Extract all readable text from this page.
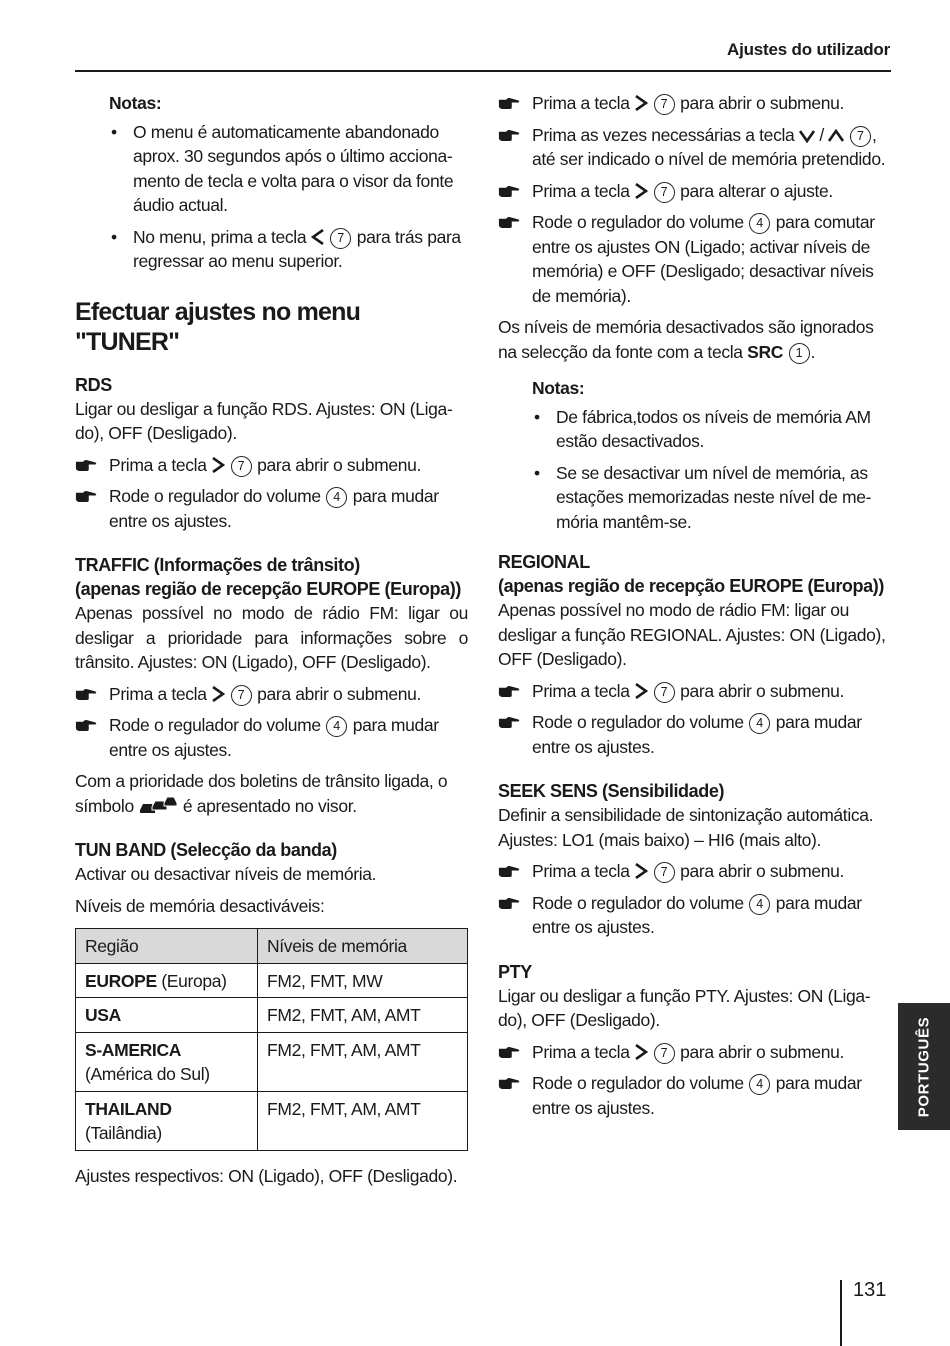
Ajustes do utilizador
Notas:
• O menu é automaticamente abandonado aprox. 30 segundos após o último accionamento de tecla e volta para o visor da fonte áudio actual.
• No menu, prima a tecla 7 para trás para regressar ao menu superior.
Efectuar ajustes no menu "TUNER"
RDS

Ligar ou desligar a função RDS. Ajustes: ON (Ligado), OFF (Desligado).

Prima a tecla 7 para abrir o submenu.
Rode o regulador do volume 4 para mudar entre os ajustes.
TRAFFIC (Informações de trânsito)
(apenas região de recepção EUROPE (Europa))

Apenas possível no modo de rádio FM: ligar ou desligar a prioridade para informações sobre o trânsito. Ajustes: ON (Ligado), OFF (Desligado).

Prima a tecla 7 para abrir o submenu.
Rode o regulador do volume 4 para mudar entre os ajustes.

Com a prioridade dos boletins de trânsito ligada, o símbolo	é apresentado no visor.

TUN BAND (Selecção da banda)

Activar ou desactivar níveis de memória.

Níveis de memória desactiváveis:

Região	Níveis de memória
EUROPE (Europa)	FM2, FMT, MW
USA	FM2, FMT, AM, AMT
S-AMERICA
(América do Sul)	FM2, FMT, AM, AMT
THAILAND
(Tailândia)	FM2, FMT, AM, AMT

Ajustes respectivos: ON (Ligado), OFF (Desligado).

Prima a tecla 7 para abrir o submenu.
Prima as vezes necessárias a tecla /	7 , até ser indicado o nível de memória pretendido.
Prima a tecla 7 para alterar o ajuste.
Rode o regulador do volume 4 para comutar entre os ajustes ON (Ligado; activar níveis de memória) e OFF (Desligado; desactivar níveis de memória).

Os níveis de memória desactivados são ignorados na selecção da fonte com a tecla SRC 1 .

Notas:
• De fábrica,todos os níveis de memória AM estão desactivados.
• Se se desactivar um nível de memória, as estações memorizadas neste nível de memória mantêm-se.
REGIONAL
(apenas região de recepção EUROPE (Europa))

Apenas possível no modo de rádio FM: ligar ou desligar a função REGIONAL. Ajustes: ON (Ligado), OFF (Desligado).

Prima a tecla 7 para abrir o submenu.
Rode o regulador do volume 4 para mudar entre os ajustes.
SEEK SENS (Sensibilidade)

Definir a sensibilidade de sintonização automática. Ajustes: LO1 (mais baixo) – HI6 (mais alto).

Prima a tecla 7 para abrir o submenu.
Rode o regulador do volume 4 para mudar entre os ajustes.
PTY

Ligar ou desligar a função PTY. Ajustes: ON (Ligado), OFF (Desligado).

Prima a tecla 7 para abrir o submenu.
Rode o regulador do volume 4 para mudar entre os ajustes.	PORTUGUÊS
131
